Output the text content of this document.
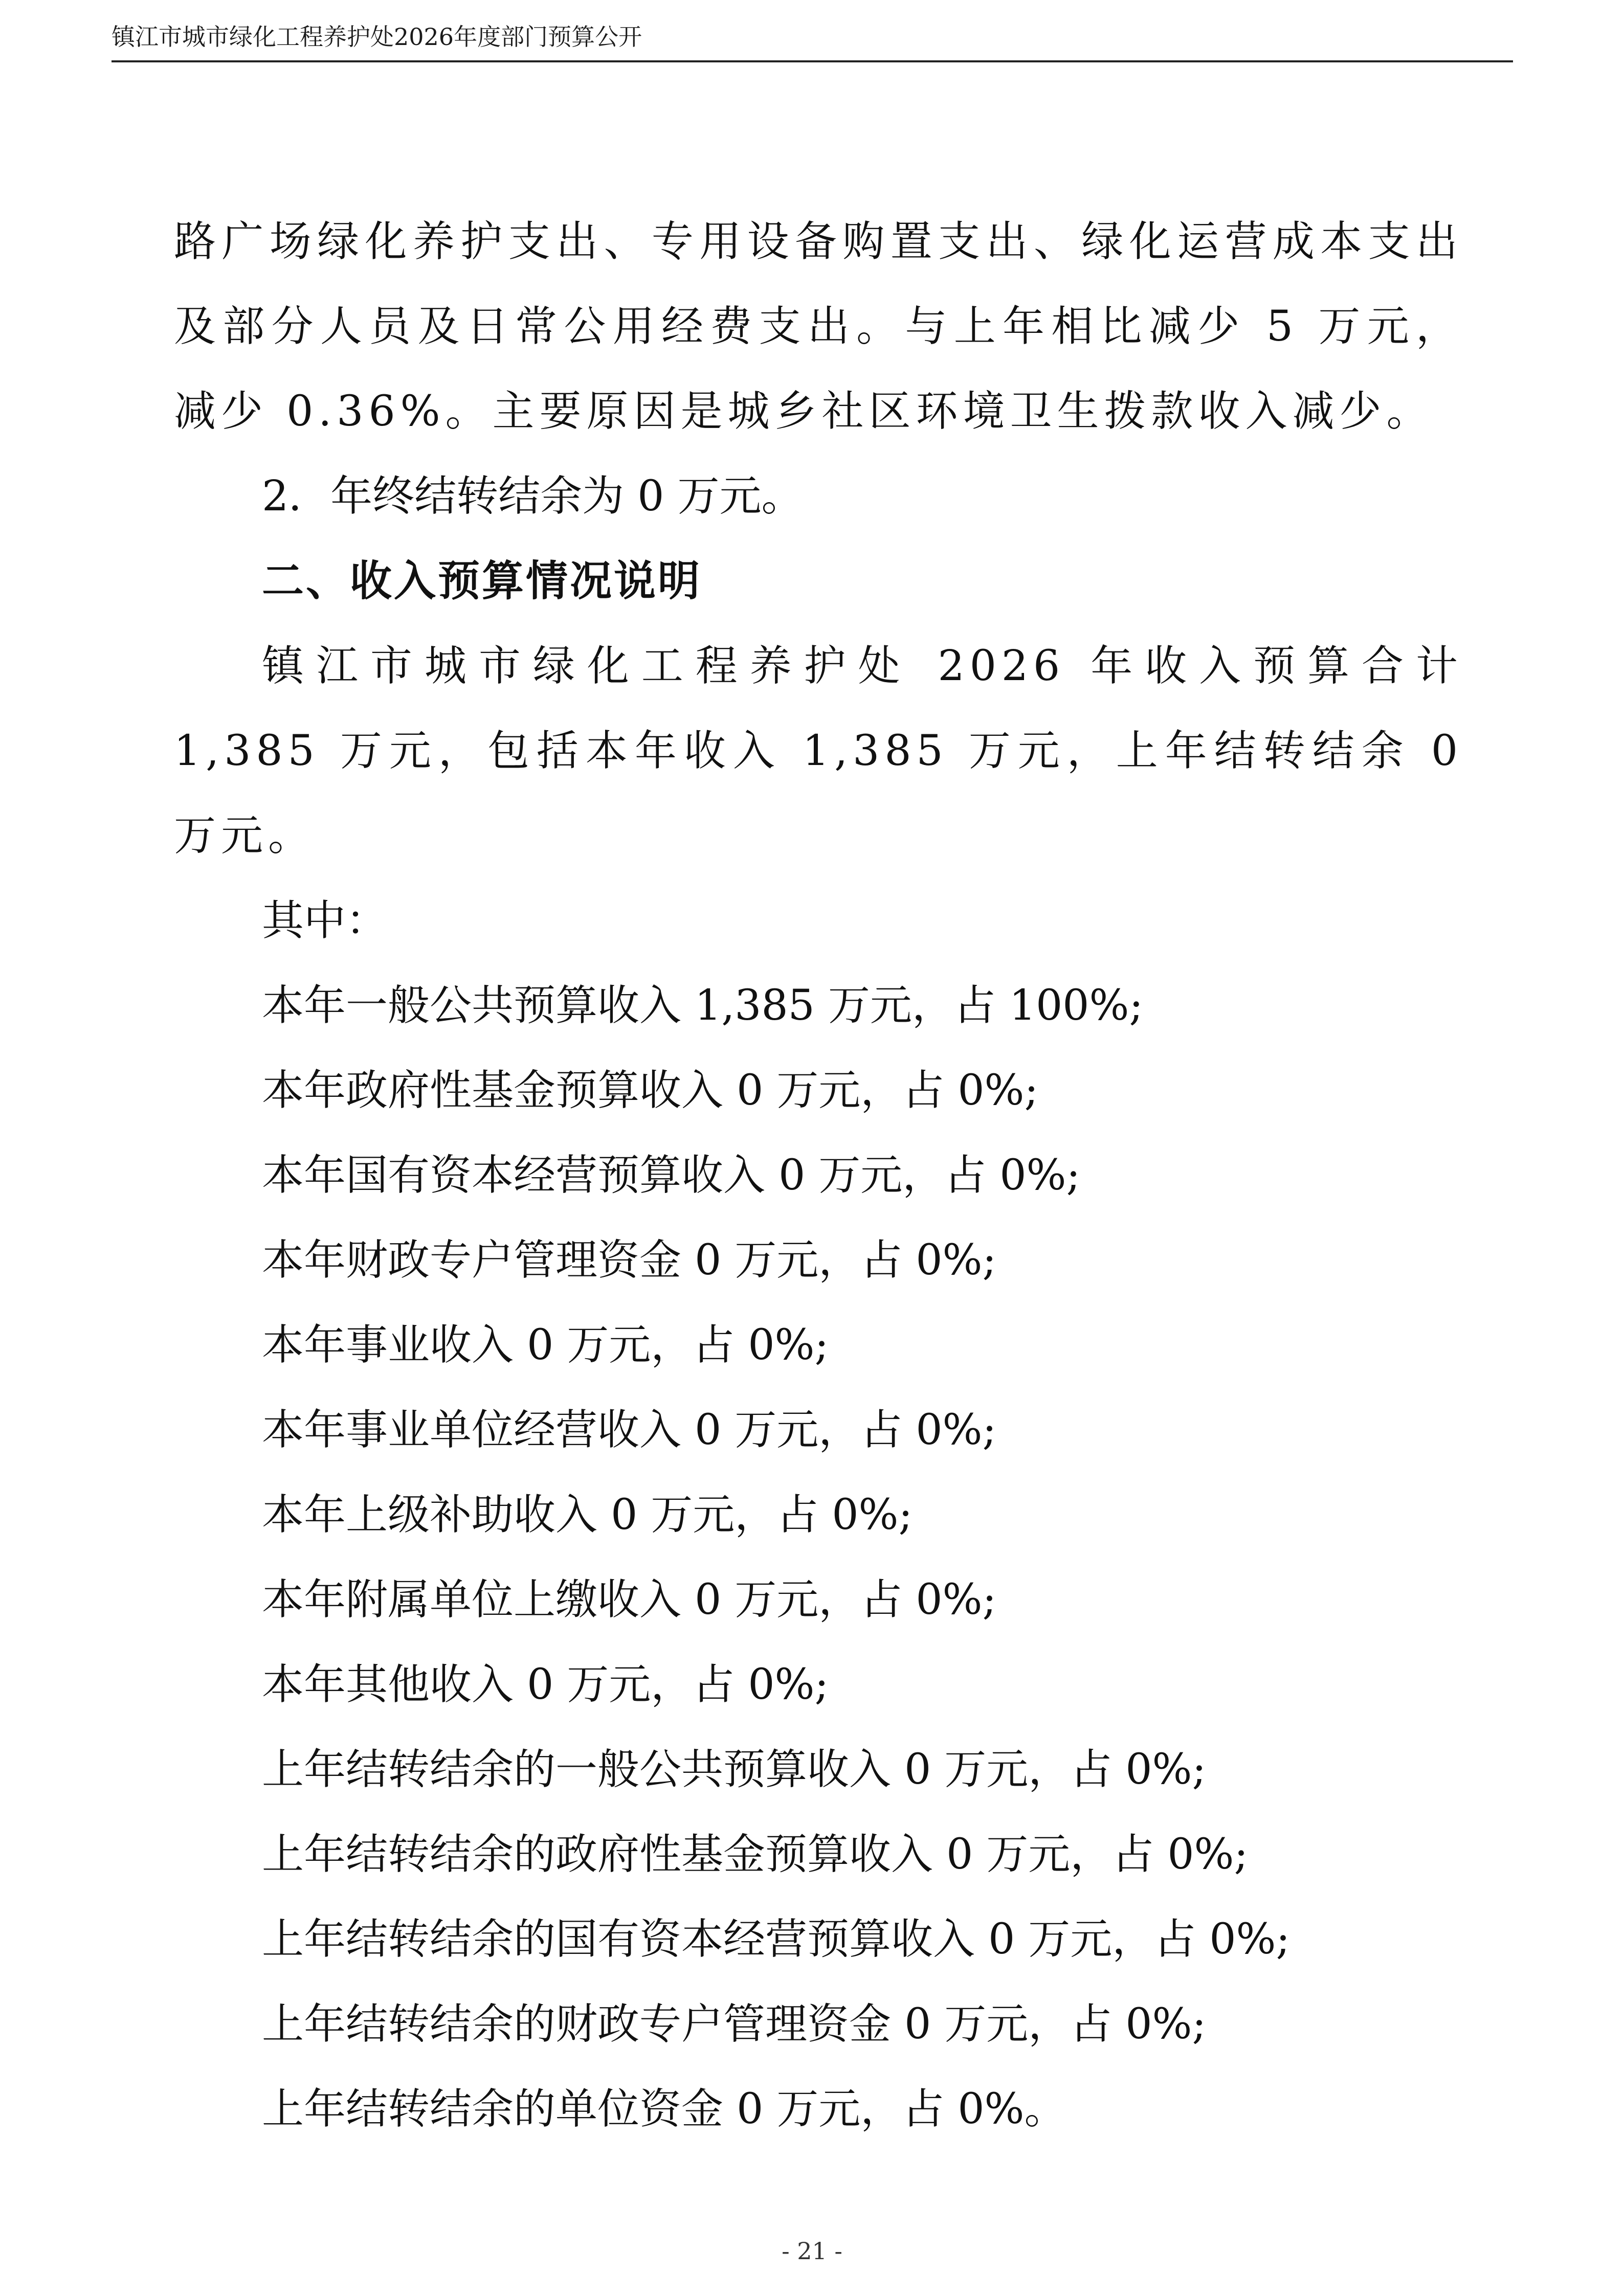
镇江市城市绿化工程养护处2026年度部门预算公开

路广场绿化养护支出、专用设备购置支出、绿化运营成本支出及部分人员及日常公用经费支出。与上年相比减少 5 万元，减少 0.36%。主要原因是城乡社区环境卫生拨款收入减少。

2．年终结转结余为 0 万元。

二、收入预算情况说明

镇江市城市绿化工程养护处 2026 年收入预算合计 1,385 万元，包括本年收入 1,385 万元，上年结转结余 0 万元。

其中：

本年一般公共预算收入 1,385 万元，占 100%;

本年政府性基金预算收入 0 万元，占 0%;

本年国有资本经营预算收入 0 万元，占 0%;

本年财政专户管理资金 0 万元，占 0%;

本年事业收入 0 万元，占 0%;

本年事业单位经营收入 0 万元，占 0%;

本年上级补助收入 0 万元，占 0%;

本年附属单位上缴收入 0 万元，占 0%;

本年其他收入 0 万元，占 0%;

上年结转结余的一般公共预算收入 0 万元，占 0%;

上年结转结余的政府性基金预算收入 0 万元，占 0%;

上年结转结余的国有资本经营预算收入 0 万元，占 0%;

上年结转结余的财政专户管理资金 0 万元，占 0%;

上年结转结余的单位资金 0 万元，占 0%。

- 21 -
